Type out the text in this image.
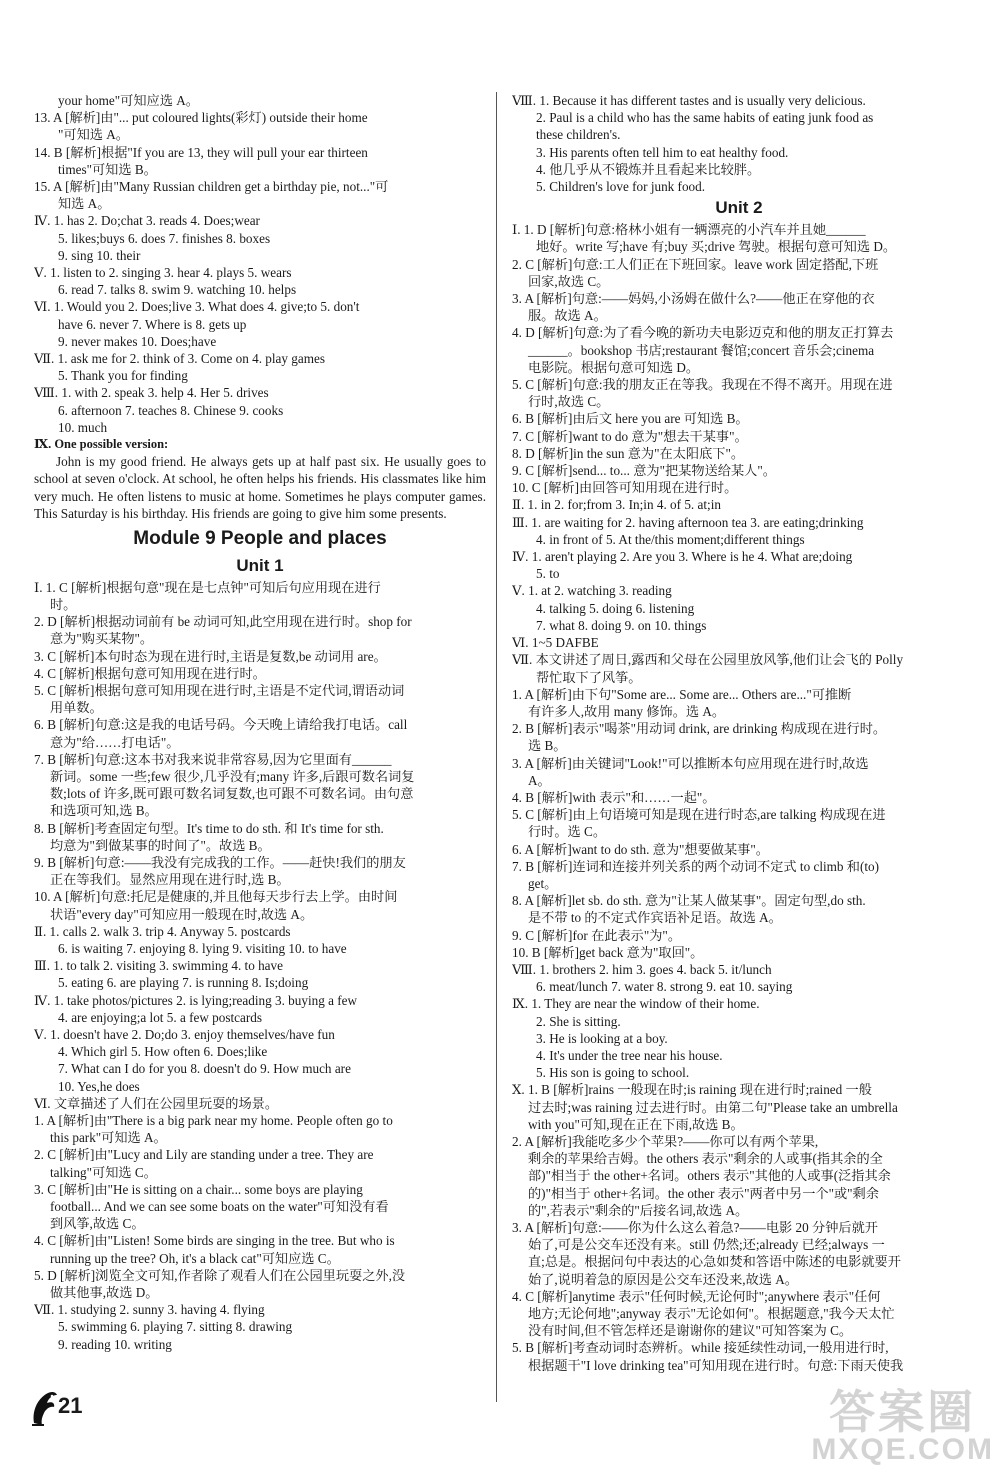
your home"可知应选 A。
13. A [解析]由"... put coloured lights(彩灯) outside their home
"可知选 A。
14. B [解析]根据"If you are 13, they will pull your ear thirteen
times"可知选 B。
15. A [解析]由"Many Russian children get a birthday pie, not..."可
知选 A。
Ⅳ. 1. has 2. Do;chat 3. reads 4. Does;wear
5. likes;buys 6. does 7. finishes 8. boxes
9. sing 10. their
Ⅴ. 1. listen to 2. singing 3. hear 4. plays 5. wears
6. read 7. talks 8. swim 9. watching 10. helps
Ⅵ. 1. Would you 2. Does;live 3. What does 4. give;to 5. don't
have 6. never 7. Where is 8. gets up
9. never makes 10. Does;have
Ⅶ. 1. ask me for 2. think of 3. Come on 4. play games
5. Thank you for finding
Ⅷ. 1. with 2. speak 3. help 4. Her 5. drives
6. afternoon 7. teaches 8. Chinese 9. cooks
10. much
Ⅸ. One possible version:
John is my good friend. He always gets up at half past six. He usually goes to school at seven o'clock. At school, he often helps his friends. His classmates like him very much. He often listens to music at home. Sometimes he plays computer games. This Saturday is his birthday. His friends are going to give him some presents.
Module 9 People and places
Unit 1
Ⅰ. 1. C [解析]根据句意"现在是七点钟"可知后句应用现在进行
时。
2. D [解析]根据动词前有 be 动词可知,此空用现在进行时。shop for
意为"购买某物"。
3. C [解析]本句时态为现在进行时,主语是复数,be 动词用 are。
4. C [解析]根据句意可知用现在进行时。
5. C [解析]根据句意可知用现在进行时,主语是不定代词,谓语动词
用单数。
6. B [解析]句意:这是我的电话号码。今天晚上请给我打电话。call
意为"给……打电话"。
7. B [解析]句意:这本书对我来说非常容易,因为它里面有______
新词。some 一些;few 很少,几乎没有;many 许多,后跟可数名词复
数;lots of 许多,既可跟可数名词复数,也可跟不可数名词。由句意
和选项可知,选 B。
8. B [解析]考查固定句型。It's time to do sth. 和 It's time for sth.
均意为"到做某事的时间了"。故选 B。
9. B [解析]句意:——我没有完成我的工作。——赶快!我们的朋友
正在等我们。显然应用现在进行时,选 B。
10. A [解析]句意:托尼是健康的,并且他每天步行去上学。由时间
状语"every day"可知应用一般现在时,故选 A。
Ⅱ. 1. calls 2. walk 3. trip 4. Anyway 5. postcards
6. is waiting 7. enjoying 8. lying 9. visiting 10. to have
Ⅲ. 1. to talk 2. visiting 3. swimming 4. to have
5. eating 6. are playing 7. is running 8. Is;doing
Ⅳ. 1. take photos/pictures 2. is lying;reading 3. buying a few
4. are enjoying;a lot 5. a few postcards
Ⅴ. 1. doesn't have 2. Do;do 3. enjoy themselves/have fun
4. Which girl 5. How often 6. Does;like
7. What can I do for you 8. doesn't do 9. How much are
10. Yes,he does
Ⅵ. 文章描述了人们在公园里玩耍的场景。
1. A [解析]由"There is a big park near my home. People often go to
this park"可知选 A。
2. C [解析]由"Lucy and Lily are standing under a tree. They are
talking"可知选 C。
3. C [解析]由"He is sitting on a chair... some boys are playing
football... And we can see some boats on the water"可知没有看
到风筝,故选 C。
4. C [解析]由"Listen! Some birds are singing in the tree. But who is
running up the tree? Oh, it's a black cat"可知应选 C。
5. D [解析]浏览全文可知,作者除了观看人们在公园里玩耍之外,没
做其他事,故选 D。
Ⅶ. 1. studying 2. sunny 3. having 4. flying
5. swimming 6. playing 7. sitting 8. drawing
9. reading 10. writing
Ⅷ. 1. Because it has different tastes and is usually very delicious.
2. Paul is a child who has the same habits of eating junk food as
these children's.
3. His parents often tell him to eat healthy food.
4. 他几乎从不锻炼并且看起来比较胖。
5. Children's love for junk food.
Unit 2
Ⅰ. 1. D [解析]句意:格林小姐有一辆漂亮的小汽车并且她______
地好。write 写;have 有;buy 买;drive 驾驶。根据句意可知选 D。
2. C [解析]句意:工人们正在下班回家。leave work 固定搭配,下班
回家,故选 C。
3. A [解析]句意:——妈妈,小汤姆在做什么?——他正在穿他的衣
服。故选 A。
4. D [解析]句意:为了看今晚的新功夫电影迈克和他的朋友正打算去
______。bookshop 书店;restaurant 餐馆;concert 音乐会;cinema
电影院。根据句意可知选 D。
5. C [解析]句意:我的朋友正在等我。我现在不得不离开。用现在进
行时,故选 C。
6. B [解析]由后文 here you are 可知选 B。
7. C [解析]want to do 意为"想去干某事"。
8. D [解析]in the sun 意为"在太阳底下"。
9. C [解析]send... to... 意为"把某物送给某人"。
10. C [解析]由回答可知用现在进行时。
Ⅱ. 1. in 2. for;from 3. In;in 4. of 5. at;in
Ⅲ. 1. are waiting for 2. having afternoon tea 3. are eating;drinking
4. in front of 5. At the/this moment;different things
Ⅳ. 1. aren't playing 2. Are you 3. Where is he 4. What are;doing
5. to
Ⅴ. 1. at 2. watching 3. reading
4. talking 5. doing 6. listening
7. what 8. doing 9. on 10. things
Ⅵ. 1~5 DAFBE
Ⅶ. 本文讲述了周日,露西和父母在公园里放风筝,他们让会飞的 Polly
帮忙取下了风筝。
1. A [解析]由下句"Some are... Some are... Others are..."可推断
有许多人,故用 many 修饰。选 A。
2. B [解析]表示"喝茶"用动词 drink, are drinking 构成现在进行时。
选 B。
3. A [解析]由关键词"Look!"可以推断本句应用现在进行时,故选
A。
4. B [解析]with 表示"和……一起"。
5. C [解析]由上句语境可知是现在进行时态,are talking 构成现在进
行时。选 C。
6. A [解析]want to do sth. 意为"想要做某事"。
7. B [解析]连词和连接并列关系的两个动词不定式 to climb 和(to)
get。
8. A [解析]let sb. do sth. 意为"让某人做某事"。固定句型,do sth.
是不带 to 的不定式作宾语补足语。故选 A。
9. C [解析]for 在此表示"为"。
10. B [解析]get back 意为"取回"。
Ⅷ. 1. brothers 2. him 3. goes 4. back 5. it/lunch
6. meat/lunch 7. water 8. strong 9. eat 10. saying
Ⅸ. 1. They are near the window of their home.
2. She is sitting.
3. He is looking at a boy.
4. It's under the tree near his house.
5. His son is going to school.
Ⅹ. 1. B [解析]rains 一般现在时;is raining 现在进行时;rained 一般
过去时;was raining 过去进行时。由第二句"Please take an umbrella
with you"可知,现在正在下雨,故选 B。
2. A [解析]我能吃多少个苹果?——你可以有两个苹果,
剩余的苹果给吉姆。the others 表示"剩余的人或事(指其余的全
部)"相当于 the other+名词。others 表示"其他的人或事(泛指其余
的)"相当于 other+名词。the other 表示"两者中另一个"或"剩余
的",若表示"剩余的"后接名词,故选 A。
3. A [解析]句意:——你为什么这么着急?——电影 20 分钟后就开
始了,可是公交车还没有来。still 仍然;还;already 已经;always 一
直;总是。根据问句中表达的心急如焚和答语中陈述的电影就要开
始了,说明着急的原因是公交车还没来,故选 A。
4. C [解析]anytime 表示"任何时候,无论何时";anywhere 表示"任何
地方;无论何地";anyway 表示"无论如何"。根据题意,"我今天太忙
没有时间,但不管怎样还是谢谢你的建议"可知答案为 C。
5. B [解析]考查动词时态辨析。while 接延续性动词,一般用进行时,
根据题干"I love drinking tea"可知用现在进行时。句意:下雨天使我
21	答案圈
MXQE.COM
